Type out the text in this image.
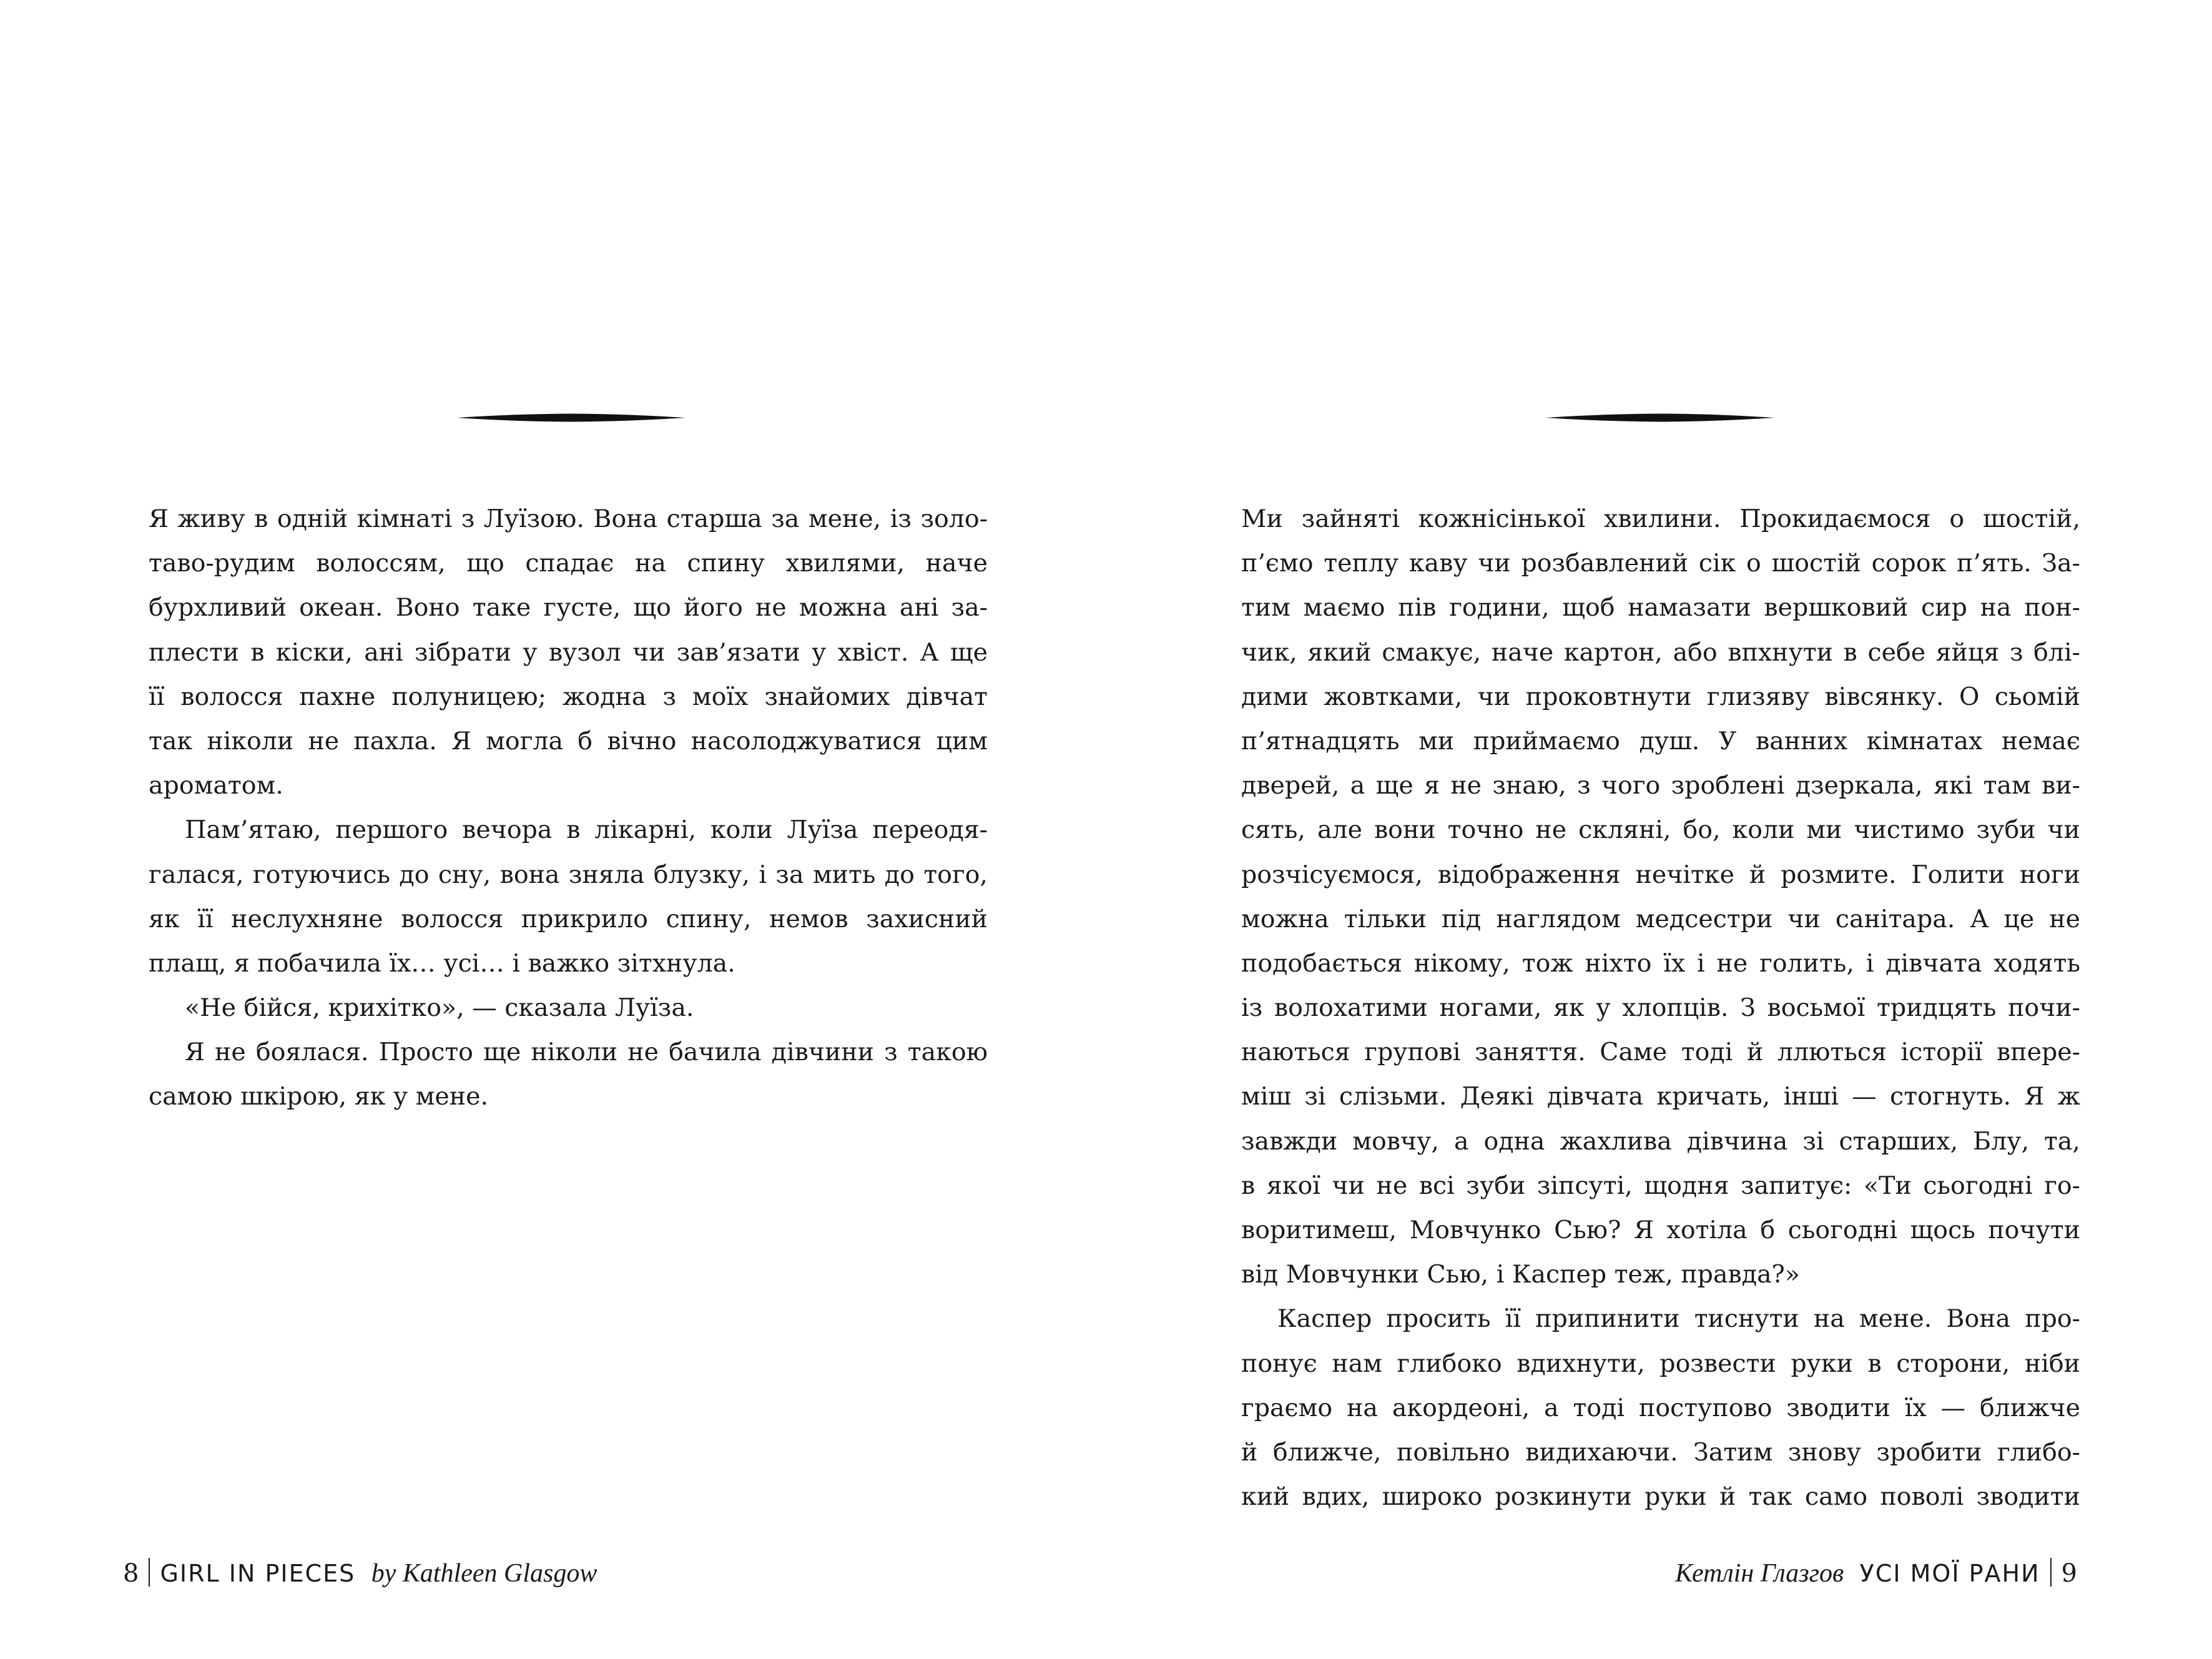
Я живу в одній кімнаті з Луїзою. Вона старша за мене, із золо-
таво-рудим волоссям, що спадає на спину хвилями, наче
бурхливий океан. Воно таке густе, що його не можна ані за-
плести в кіски, ані зібрати у вузол чи зав’язати у хвіст. А ще
її волосся пахне полуницею; жодна з моїх знайомих дівчат
так ніколи не пахла. Я могла б вічно насолоджуватися цим
ароматом.
Пам’ятаю, першого вечора в лікарні, коли Луїза переодя-
галася, готуючись до сну, вона зняла блузку, і за мить до того,
як її неслухняне волосся прикрило спину, немов захисний
плащ, я побачила їх… усі… і важко зітхнула.
«Не бійся, крихітко», — сказала Луїза.
Я не боялася. Просто ще ніколи не бачила дівчини з такою
самою шкірою, як у мене.
8 GIRL IN PIECES by Kathleen Glasgow
Ми зайняті кожнісінької хвилини. Прокидаємося о шостій,
п’ємо теплу каву чи розбавлений сік о шостій сорок п’ять. За-
тим маємо пів години, щоб намазати вершковий сир на пон-
чик, який смакує, наче картон, або впхнути в себе яйця з блі-
дими жовтками, чи проковтнути глизяву вівсянку. О сьомій
п’ятнадцять ми приймаємо душ. У ванних кімнатах немає
дверей, а ще я не знаю, з чого зроблені дзеркала, які там ви-
сять, але вони точно не скляні, бо, коли ми чистимо зуби чи
розчісуємося, відображення нечітке й розмите. Голити ноги
можна тільки під наглядом медсестри чи санітара. А це не
подобається нікому, тож ніхто їх і не голить, і дівчата ходять
із волохатими ногами, як у хлопців. З восьмої тридцять почи-
наються групові заняття. Саме тоді й ллються історії впере-
міш зі слізьми. Деякі дівчата кричать, інші — стогнуть. Я ж
завжди мовчу, а одна жахлива дівчина зі старших, Блу, та,
в якої чи не всі зуби зіпсуті, щодня запитує: «Ти сьогодні го-
воритимеш, Мовчунко Сью? Я хотіла б сьогодні щось почути
від Мовчунки Сью, і Каспер теж, правда?»
Каспер просить її припинити тиснути на мене. Вона про-
понує нам глибоко вдихнути, розвести руки в сторони, ніби
граємо на акордеоні, а тоді поступово зводити їх — ближче
й ближче, повільно видихаючи. Затим знову зробити глибо-
кий вдих, широко розкинути руки й так само поволі зводити
Кетлін Глазгов УСІ МОЇ РАНИ 9
